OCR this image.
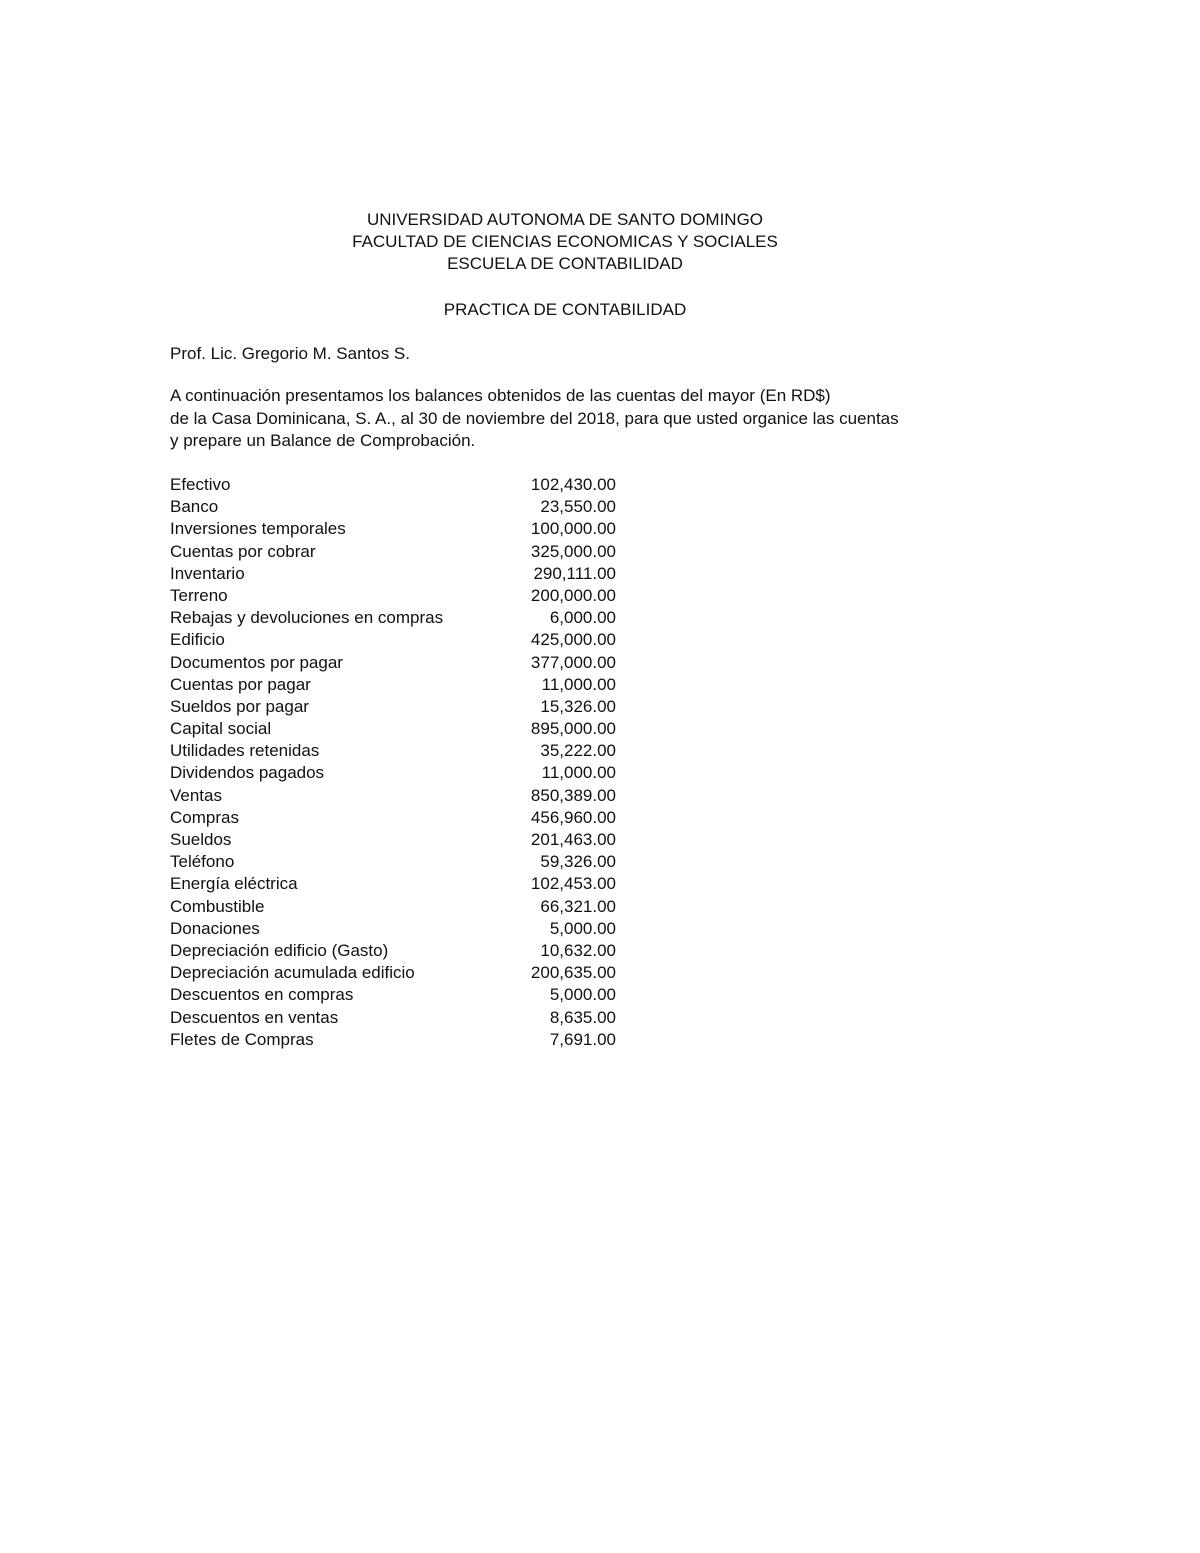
UNIVERSIDAD AUTONOMA DE SANTO DOMINGO
FACULTAD DE CIENCIAS ECONOMICAS Y SOCIALES
ESCUELA DE CONTABILIDAD
PRACTICA DE CONTABILIDAD
Prof. Lic. Gregorio M. Santos S.
A continuación presentamos los balances obtenidos de las cuentas del mayor (En RD$)
de la Casa Dominicana, S. A., al 30 de noviembre del 2018, para que usted organice las cuentas
y prepare un Balance de Comprobación.
Efectivo	102,430.00
Banco	23,550.00
Inversiones temporales	100,000.00
Cuentas por cobrar	325,000.00
Inventario	290,111.00
Terreno	200,000.00
Rebajas y devoluciones en compras	6,000.00
Edificio	425,000.00
Documentos por pagar	377,000.00
Cuentas por pagar	11,000.00
Sueldos por pagar	15,326.00
Capital social	895,000.00
Utilidades retenidas	35,222.00
Dividendos pagados	11,000.00
Ventas	850,389.00
Compras	456,960.00
Sueldos	201,463.00
Teléfono	59,326.00
Energía eléctrica	102,453.00
Combustible	66,321.00
Donaciones	5,000.00
Depreciación edificio (Gasto)	10,632.00
Depreciación acumulada edificio	200,635.00
Descuentos en compras	5,000.00
Descuentos en ventas	8,635.00
Fletes de Compras	7,691.00
